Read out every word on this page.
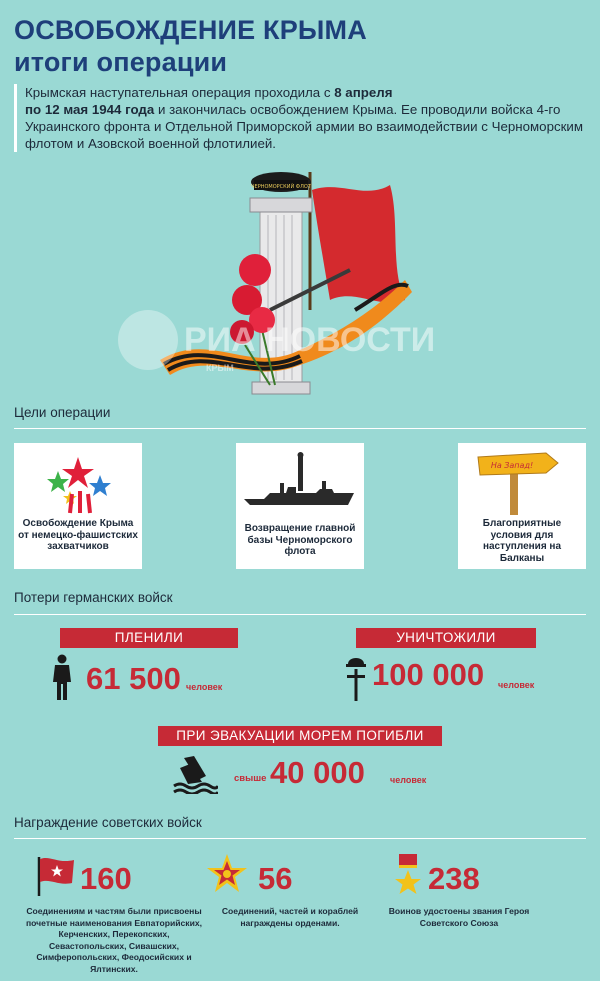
ОСВОБОЖДЕНИЕ КРЫМА
итоги операции
Крымская наступательная операция проходила с 8 апреля
по 12 мая 1944 года и закончилась освобождением Крыма. Ее проводили войска 4-го Украинского фронта и Отдельной Приморской армии во взаимодействии с Черноморским флотом и Азовской военной флотилией.
ЧЕРНОМОРСКИЙ ФЛОТ
РИА НОВОСТИ
КРЫМ
Цели операции
Освобождение Крыма от немецко-фашистских захватчиков
Возвращение главной базы Черноморского флота
На Запад!
Благоприятные условия для наступления на Балканы
Потери германских войск
ПЛЕНИЛИ
61 500 человек
УНИЧТОЖИЛИ
100 000 человек
ПРИ ЭВАКУАЦИИ МОРЕМ ПОГИБЛИ
свыше 40 000	человек
Награждение советских войск
160
Соединениям и частям были присвоены почетные наименования Евпаторийских, Керченских, Перекопских, Севастопольских, Сивашских, Симферопольских, Феодосийских и Ялтинских.
56
Соединений, частей и кораблей награждены орденами.
238
Воинов удостоены звания Героя Советского Союза
